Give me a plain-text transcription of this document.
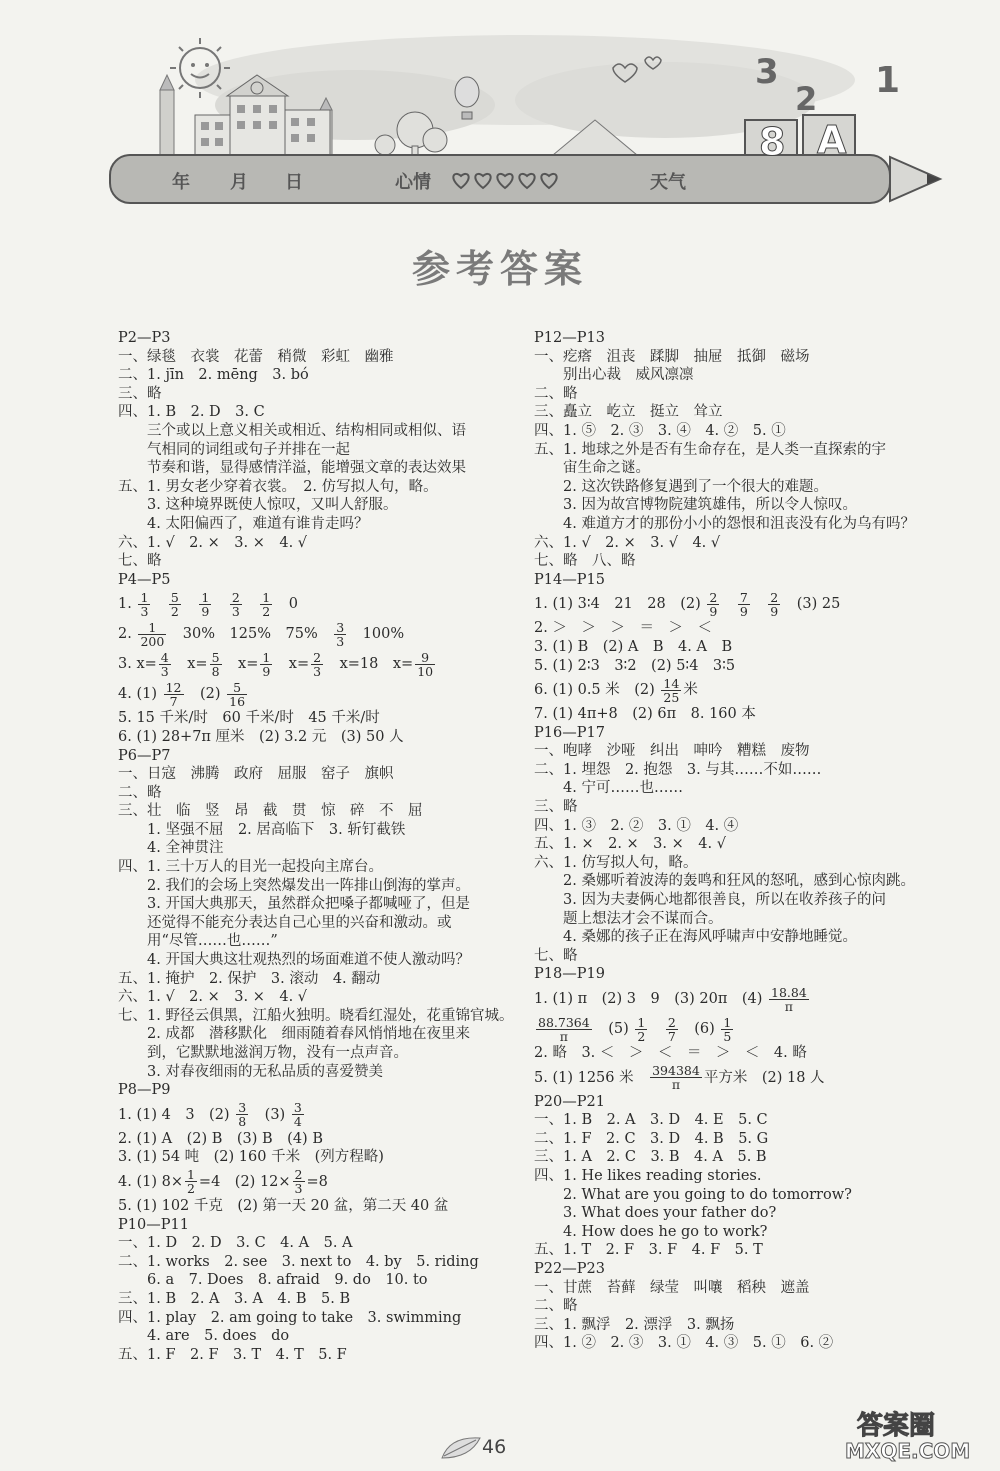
3
2 1
8 A
年 月 日	心情	天气
参考答案
P2—P3
一、绿毯　衣裳　花蕾　稍微　彩虹　幽雅
二、1. jīn　2. mēng　3. bó
三、略
四、1. B　2. D　3. C
　　三个或以上意义相关或相近、结构相同或相似、语
　　气相同的词组或句子并排在一起
　　节奏和谐，显得感情洋溢，能增强文章的表达效果
五、1. 男女老少穿着衣裳。　2. 仿写拟人句，略。
　　3. 这种境界既使人惊叹，又叫人舒服。
　　4. 太阳偏西了，难道有谁肯走吗？
六、1. √　2. ×　3. ×　4. √
七、略
P4—P5
1. $\frac{1}{3}$
　 $\frac{5}{2}$
　 $\frac{1}{9}$
　 $\frac{2}{3}$
　 $\frac{1}{2}$ 　0
2. $\frac{1}{200}$ 　30%　125%　75%　 $\frac{3}{3}$ 　100%
3. $x= \frac{4}{3}$ 　$x= \frac{5}{8}$ 　$x= \frac{1}{9}$ 　$x= \frac{2}{3}$ 　x=18　$x= \frac{9}{10}$
4. $(1) \frac{12}{7}$ 　$(2) \frac{5}{16}$
5. 15 千米/时　60 千米/时　45 千米/时
6. (1) 28+7π 厘米　(2) 3.2 元　(3) 50 人
P6—P7
一、日寇　沸腾　政府　屈服　窑子　旗帜
二、略
三、壮　临　竖　昂　截　贯　惊　碎　不　屈
　　1. 坚强不屈　2. 居高临下　3. 斩钉截铁
　　4. 全神贯注
四、1. 三十万人的目光一起投向主席台。
　　2. 我们的会场上突然爆发出一阵排山倒海的掌声。
　　3. 开国大典那天，虽然群众把嗓子都喊哑了，但是
　　还觉得不能充分表达自己心里的兴奋和激动。或
　　用“尽管……也……”
　　4. 开国大典这壮观热烈的场面难道不使人激动吗？
五、1. 掩护　2. 保护　3. 滚动　4. 翻动
六、1. √　2. ×　3. ×　4. √
七、1. 野径云俱黑，江船火独明。晓看红湿处，花重锦官城。
　　2. 成都　潜移默化　细雨随着春风悄悄地在夜里来
　　到，它默默地滋润万物，没有一点声音。
　　3. 对春夜细雨的无私品质的喜爱赞美
P8—P9
1. (1) 4　3　$(2) \frac{3}{8}$ 　$(3) \frac{3}{4}$
2. (1) A　(2) B　(3) B　(4) B
3. (1) 54 吨　(2) 160 千米　(列方程略)
4. (1) $8\times \frac{1}{2} =4$　(2) $12\times \frac{2}{3} =8$
5. (1) 102 千克　(2) 第一天 20 盆，第二天 40 盆
P10—P11
一、1. D　2. D　3. C　4. A　5. A
二、1. works　2. see　3. next to　4. by　5. riding
　　6. a　7. Does　8. afraid　9. do　10. to
三、1. B　2. A　3. A　4. B　5. B
四、1. play　2. am going to take　3. swimming
　　4. are　5. does　do
五、1. F　2. F　3. T　4. T　5. F
P12—P13
一、疙瘩　沮丧　蹂脚　抽屉　抵御　磁场
　　别出心裁　威风凛凛
二、略
三、矗立　屹立　挺立　耸立
四、1. ⑤　2. ③　3. ④　4. ②　5. ①
五、1. 地球之外是否有生命存在，是人类一直探索的宇
　　宙生命之谜。
　　2. 这次铁路修复遇到了一个很大的难题。
　　3. 因为故宫博物院建筑雄伟，所以令人惊叹。
　　4. 难道方才的那份小小的怨恨和沮丧没有化为乌有吗？
六、1. √　2. ×　3. √　4. √
七、略　八、略
P14—P15
1. (1) 3∶4　21　28　$(2) \frac{2}{9}$
　 $\frac{7}{9}$
　 $\frac{2}{9}$ 　(3) 25
2. ＞　＞　＞　＝　＞　＜
3. (1) B　(2) A　B　4. A　B
5. (1) 2∶3　3∶2　(2) 5∶4　3∶5
6. (1) 0.5 米　$(2) \frac{14}{25}$ 米
7. (1) 4π+8　(2) 6π　8. 160 本
P16—P17
一、咆哮　沙哑　纠出　呻吟　糟糕　废物
二、1. 埋怨　2. 抱怨　3. 与其……不如……
　　4. 宁可……也……
三、略
四、1. ③　2. ②　3. ①　4. ④
五、1. ×　2. ×　3. ×　4. √
六、1. 仿写拟人句，略。
　　2. 桑娜听着波涛的轰鸣和狂风的怒吼，感到心惊肉跳。
　　3. 因为夫妻俩心地都很善良，所以在收养孩子的问
　　题上想法才会不谋而合。
　　4. 桑娜的孩子正在海风呼啸声中安静地睡觉。
七、略
P18—P19
1. (1) π　(2) 3　9　(3) 20π　$(4) \frac{18.84}{\pi}$
$\frac{88.7364}{\pi}$ 　$(5) \frac{1}{2}$
　 $\frac{2}{7}$ 　$(6) \frac{1}{5}$
2. 略　3. ＜　＞　＜　＝　＞　＜　4. 略
5. (1) 1256 米　 $\frac{394384}{\pi}$ 平方米　(2) 18 人
P20—P21
一、1. B　2. A　3. D　4. E　5. C
二、1. F　2. C　3. D　4. B　5. G
三、1. A　2. C　3. B　4. A　5. B
四、1. He likes reading stories.
　　2. What are you going to do tomorrow?
　　3. What does your father do?
　　4. How does he go to work?
五、1. T　2. F　3. F　4. F　5. T
P22—P23
一、甘蔗　苔藓　绿莹　叫嚷　稻秧　遮盖
二、略
三、1. 飘浮　2. 漂浮　3. 飘扬
四、1. ②　2. ③　3. ①　4. ③　5. ①　6. ②
46
答案圈
MXQE.COM
